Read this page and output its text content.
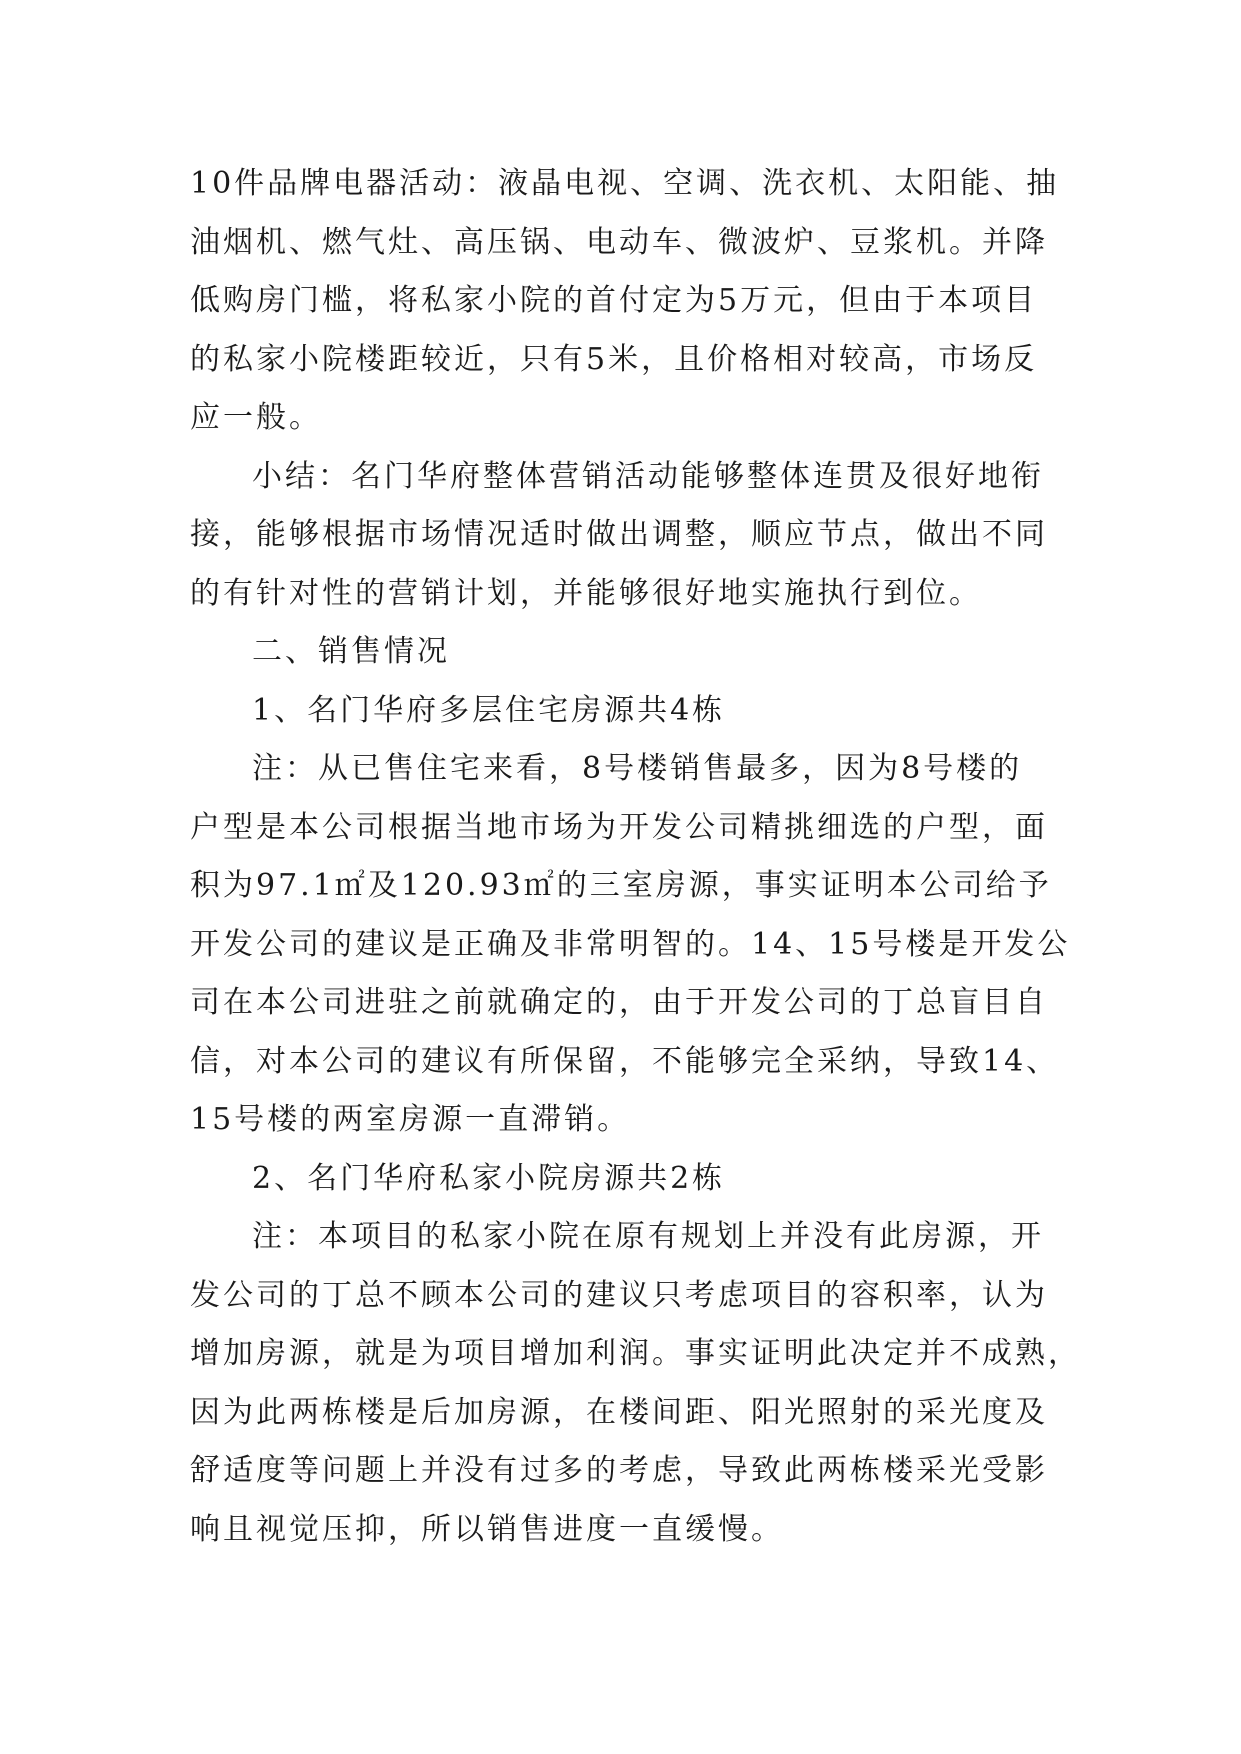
10件品牌电器活动：液晶电视、空调、洗衣机、太阳能、抽
油烟机、燃气灶、高压锅、电动车、微波炉、豆浆机。并降
低购房门槛，将私家小院的首付定为5万元，但由于本项目
的私家小院楼距较近，只有5米，且价格相对较高，市场反
应一般。
小结：名门华府整体营销活动能够整体连贯及很好地衔
接，能够根据市场情况适时做出调整，顺应节点，做出不同
的有针对性的营销计划，并能够很好地实施执行到位。
二、销售情况
1、名门华府多层住宅房源共4栋
注：从已售住宅来看，8号楼销售最多，因为8号楼的
户型是本公司根据当地市场为开发公司精挑细选的户型，面
积为97.1㎡及120.93㎡的三室房源，事实证明本公司给予
开发公司的建议是正确及非常明智的。14、15号楼是开发公
司在本公司进驻之前就确定的，由于开发公司的丁总盲目自
信，对本公司的建议有所保留，不能够完全采纳，导致14、
15号楼的两室房源一直滞销。
2、名门华府私家小院房源共2栋
注：本项目的私家小院在原有规划上并没有此房源，开
发公司的丁总不顾本公司的建议只考虑项目的容积率，认为
增加房源，就是为项目增加利润。事实证明此决定并不成熟，
因为此两栋楼是后加房源，在楼间距、阳光照射的采光度及
舒适度等问题上并没有过多的考虑，导致此两栋楼采光受影
响且视觉压抑，所以销售进度一直缓慢。
